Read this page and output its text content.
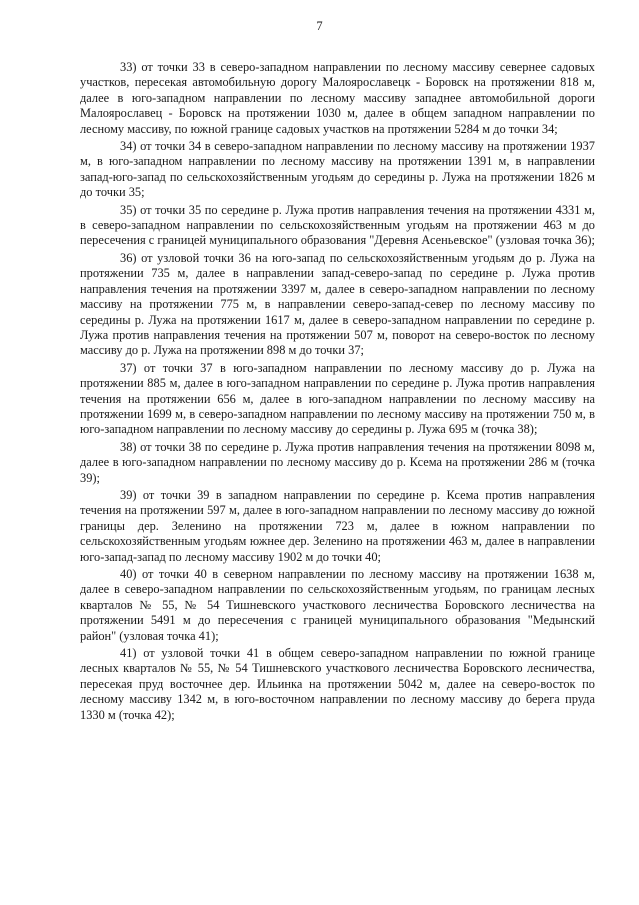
7

33) от точки 33 в северо-западном направлении по лесному массиву севернее садовых участков, пересекая автомобильную дорогу Малоярославецк - Боровск на протяжении 818 м, далее в юго-западном направлении по лесному массиву западнее автомобильной дороги Малоярославец - Боровск на протяжении 1030 м, далее в общем западном направлении по лесному массиву, по южной границе садовых участков на протяжении 5284 м до точки 34;

34) от точки 34 в северо-западном направлении по лесному массиву на протяжении 1937 м, в юго-западном направлении по лесному массиву на протяжении 1391 м, в направлении запад-юго-запад по сельскохозяйственным угодьям до середины р. Лужа на протяжении 1826 м до точки 35;

35) от точки 35 по середине р. Лужа против направления течения на протяжении 4331 м, в северо-западном направлении по сельскохозяйственным угодьям на протяжении 463 м до пересечения с границей муниципального образования "Деревня Асеньевское" (узловая точка 36);

36) от узловой точки 36 на юго-запад по сельскохозяйственным угодьям до р. Лужа на протяжении 735 м, далее в направлении запад-северо-запад по середине р. Лужа против направления течения на протяжении 3397 м, далее в северо-западном направлении по лесному массиву на протяжении 775 м, в направлении северо-запад-север по лесному массиву по середины р. Лужа на протяжении 1617 м, далее в северо-западном направлении по середине р. Лужа против направления течения на протяжении 507 м, поворот на северо-восток по лесному массиву до р. Лужа на протяжении 898 м до точки 37;

37) от точки 37 в юго-западном направлении по лесному массиву до р. Лужа на протяжении 885 м, далее в юго-западном направлении по середине р. Лужа против направления течения на протяжении 656 м, далее в юго-западном направлении по лесному массиву на протяжении 1699 м, в северо-западном направлении по лесному массиву на протяжении 750 м, в юго-западном направлении по лесному массиву до середины р. Лужа 695 м (точка 38);

38) от точки 38 по середине р. Лужа против направления течения на протяжении 8098 м, далее в юго-западном направлении по лесному массиву до р. Ксема на протяжении 286 м (точка 39);

39) от точки 39 в западном направлении по середине р. Ксема против направления течения на протяжении 597 м, далее в юго-западном направлении по лесному массиву до южной границы дер. Зеленино на протяжении 723 м, далее в южном направлении по сельскохозяйственным угодьям южнее дер. Зеленино на протяжении 463 м, далее в направлении юго-запад-запад по лесному массиву 1902 м до точки 40;

40) от точки 40 в северном направлении по лесному массиву на протяжении 1638 м, далее в северо-западном направлении по сельскохозяйственным угодьям, по границам лесных кварталов № 55, № 54 Тишневского участкового лесничества Боровского лесничества на протяжении 5491 м до пересечения с границей муниципального образования "Медынский район" (узловая точка 41);

41) от узловой точки 41 в общем северо-западном направлении по южной границе лесных кварталов № 55, № 54 Тишневского участкового лесничества Боровского лесничества, пересекая пруд восточнее дер. Ильинка на протяжении 5042 м, далее на северо-восток по лесному массиву 1342 м, в юго-восточном направлении по лесному массиву до берега пруда 1330 м (точка 42);
